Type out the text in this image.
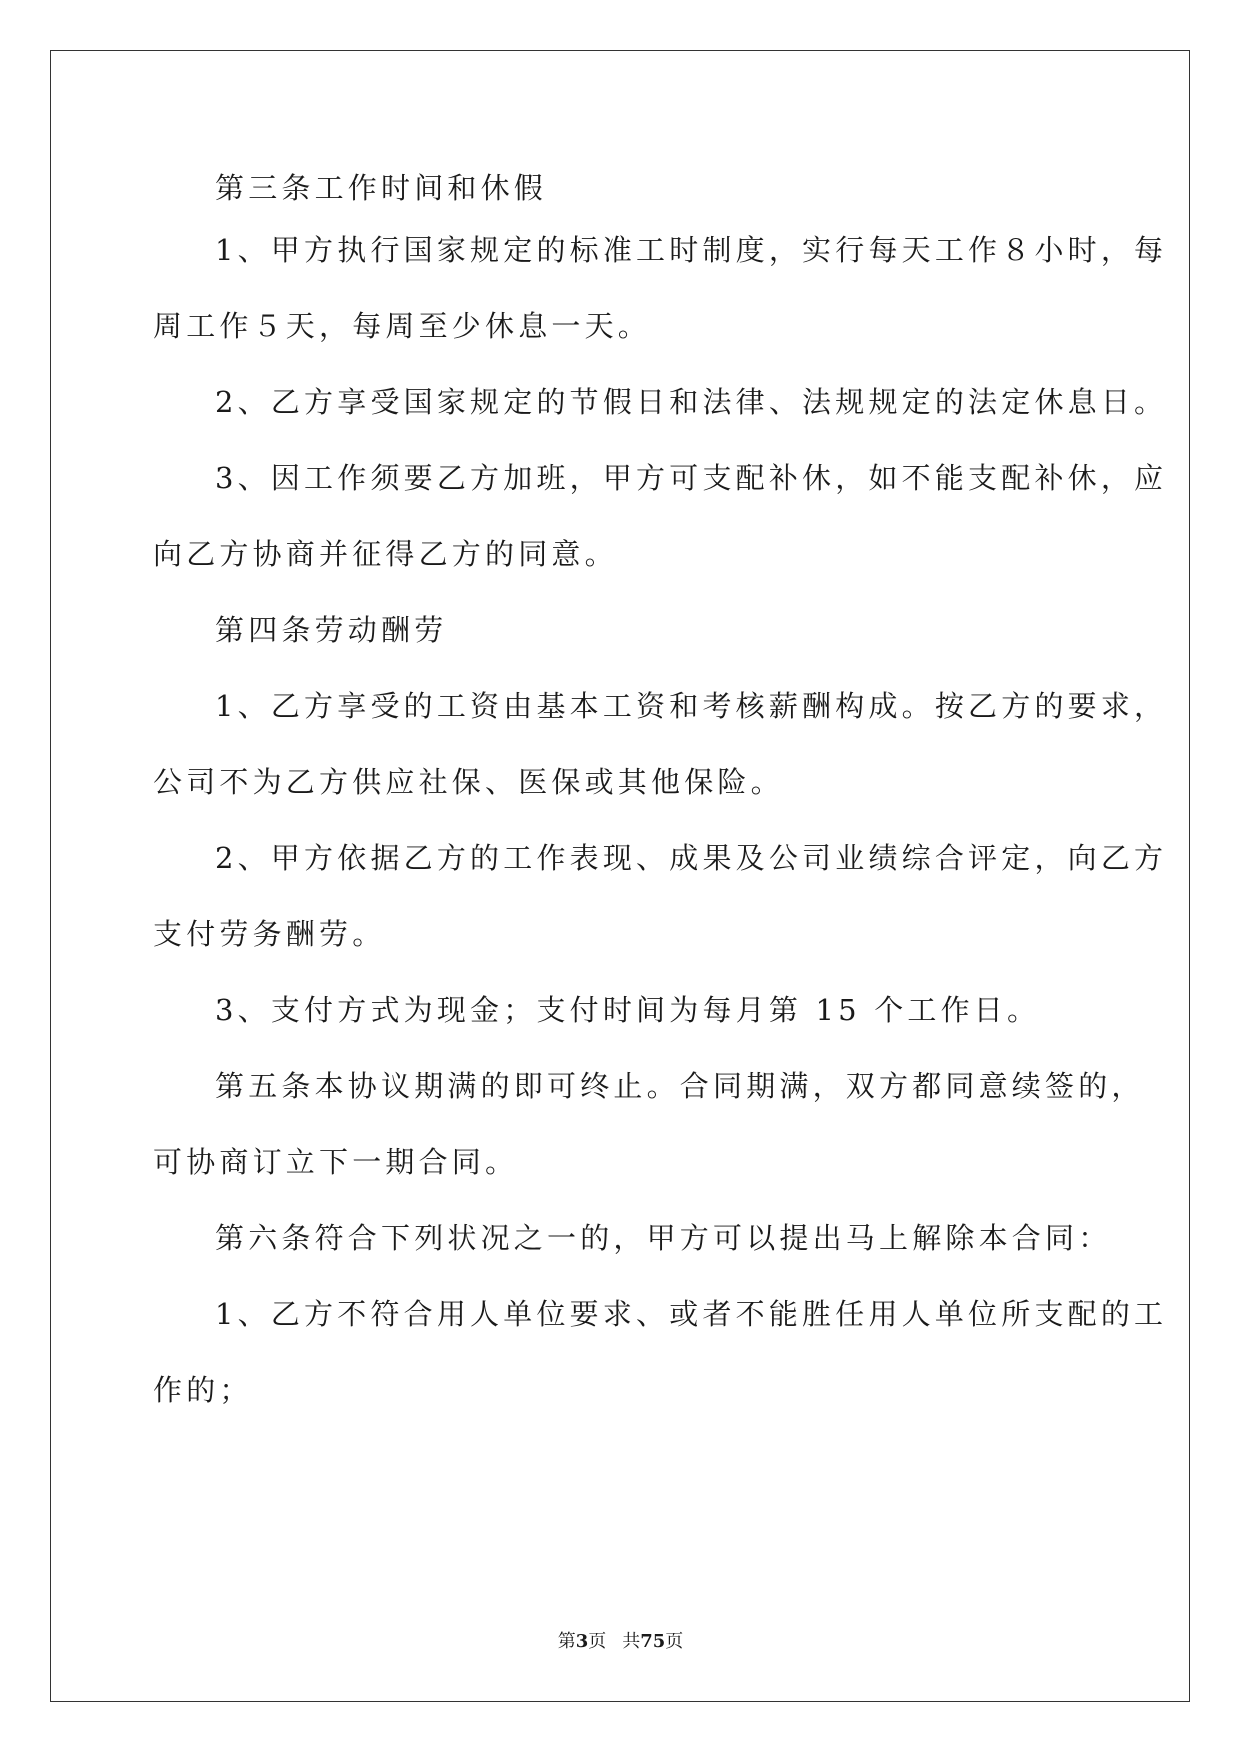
第三条工作时间和休假
1、甲方执行国家规定的标准工时制度，实行每天工作８小时，每
周工作５天，每周至少休息一天。
2、乙方享受国家规定的节假日和法律、法规规定的法定休息日。
3、因工作须要乙方加班，甲方可支配补休，如不能支配补休，应
向乙方协商并征得乙方的同意。
第四条劳动酬劳
1、乙方享受的工资由基本工资和考核薪酬构成。按乙方的要求，
公司不为乙方供应社保、医保或其他保险。
2、甲方依据乙方的工作表现、成果及公司业绩综合评定，向乙方
支付劳务酬劳。
3、支付方式为现金；支付时间为每月第 15 个工作日。
第五条本协议期满的即可终止。合同期满，双方都同意续签的，
可协商订立下一期合同。
第六条符合下列状况之一的，甲方可以提出马上解除本合同：
1、乙方不符合用人单位要求、或者不能胜任用人单位所支配的工
作的；
第3页 共75页
